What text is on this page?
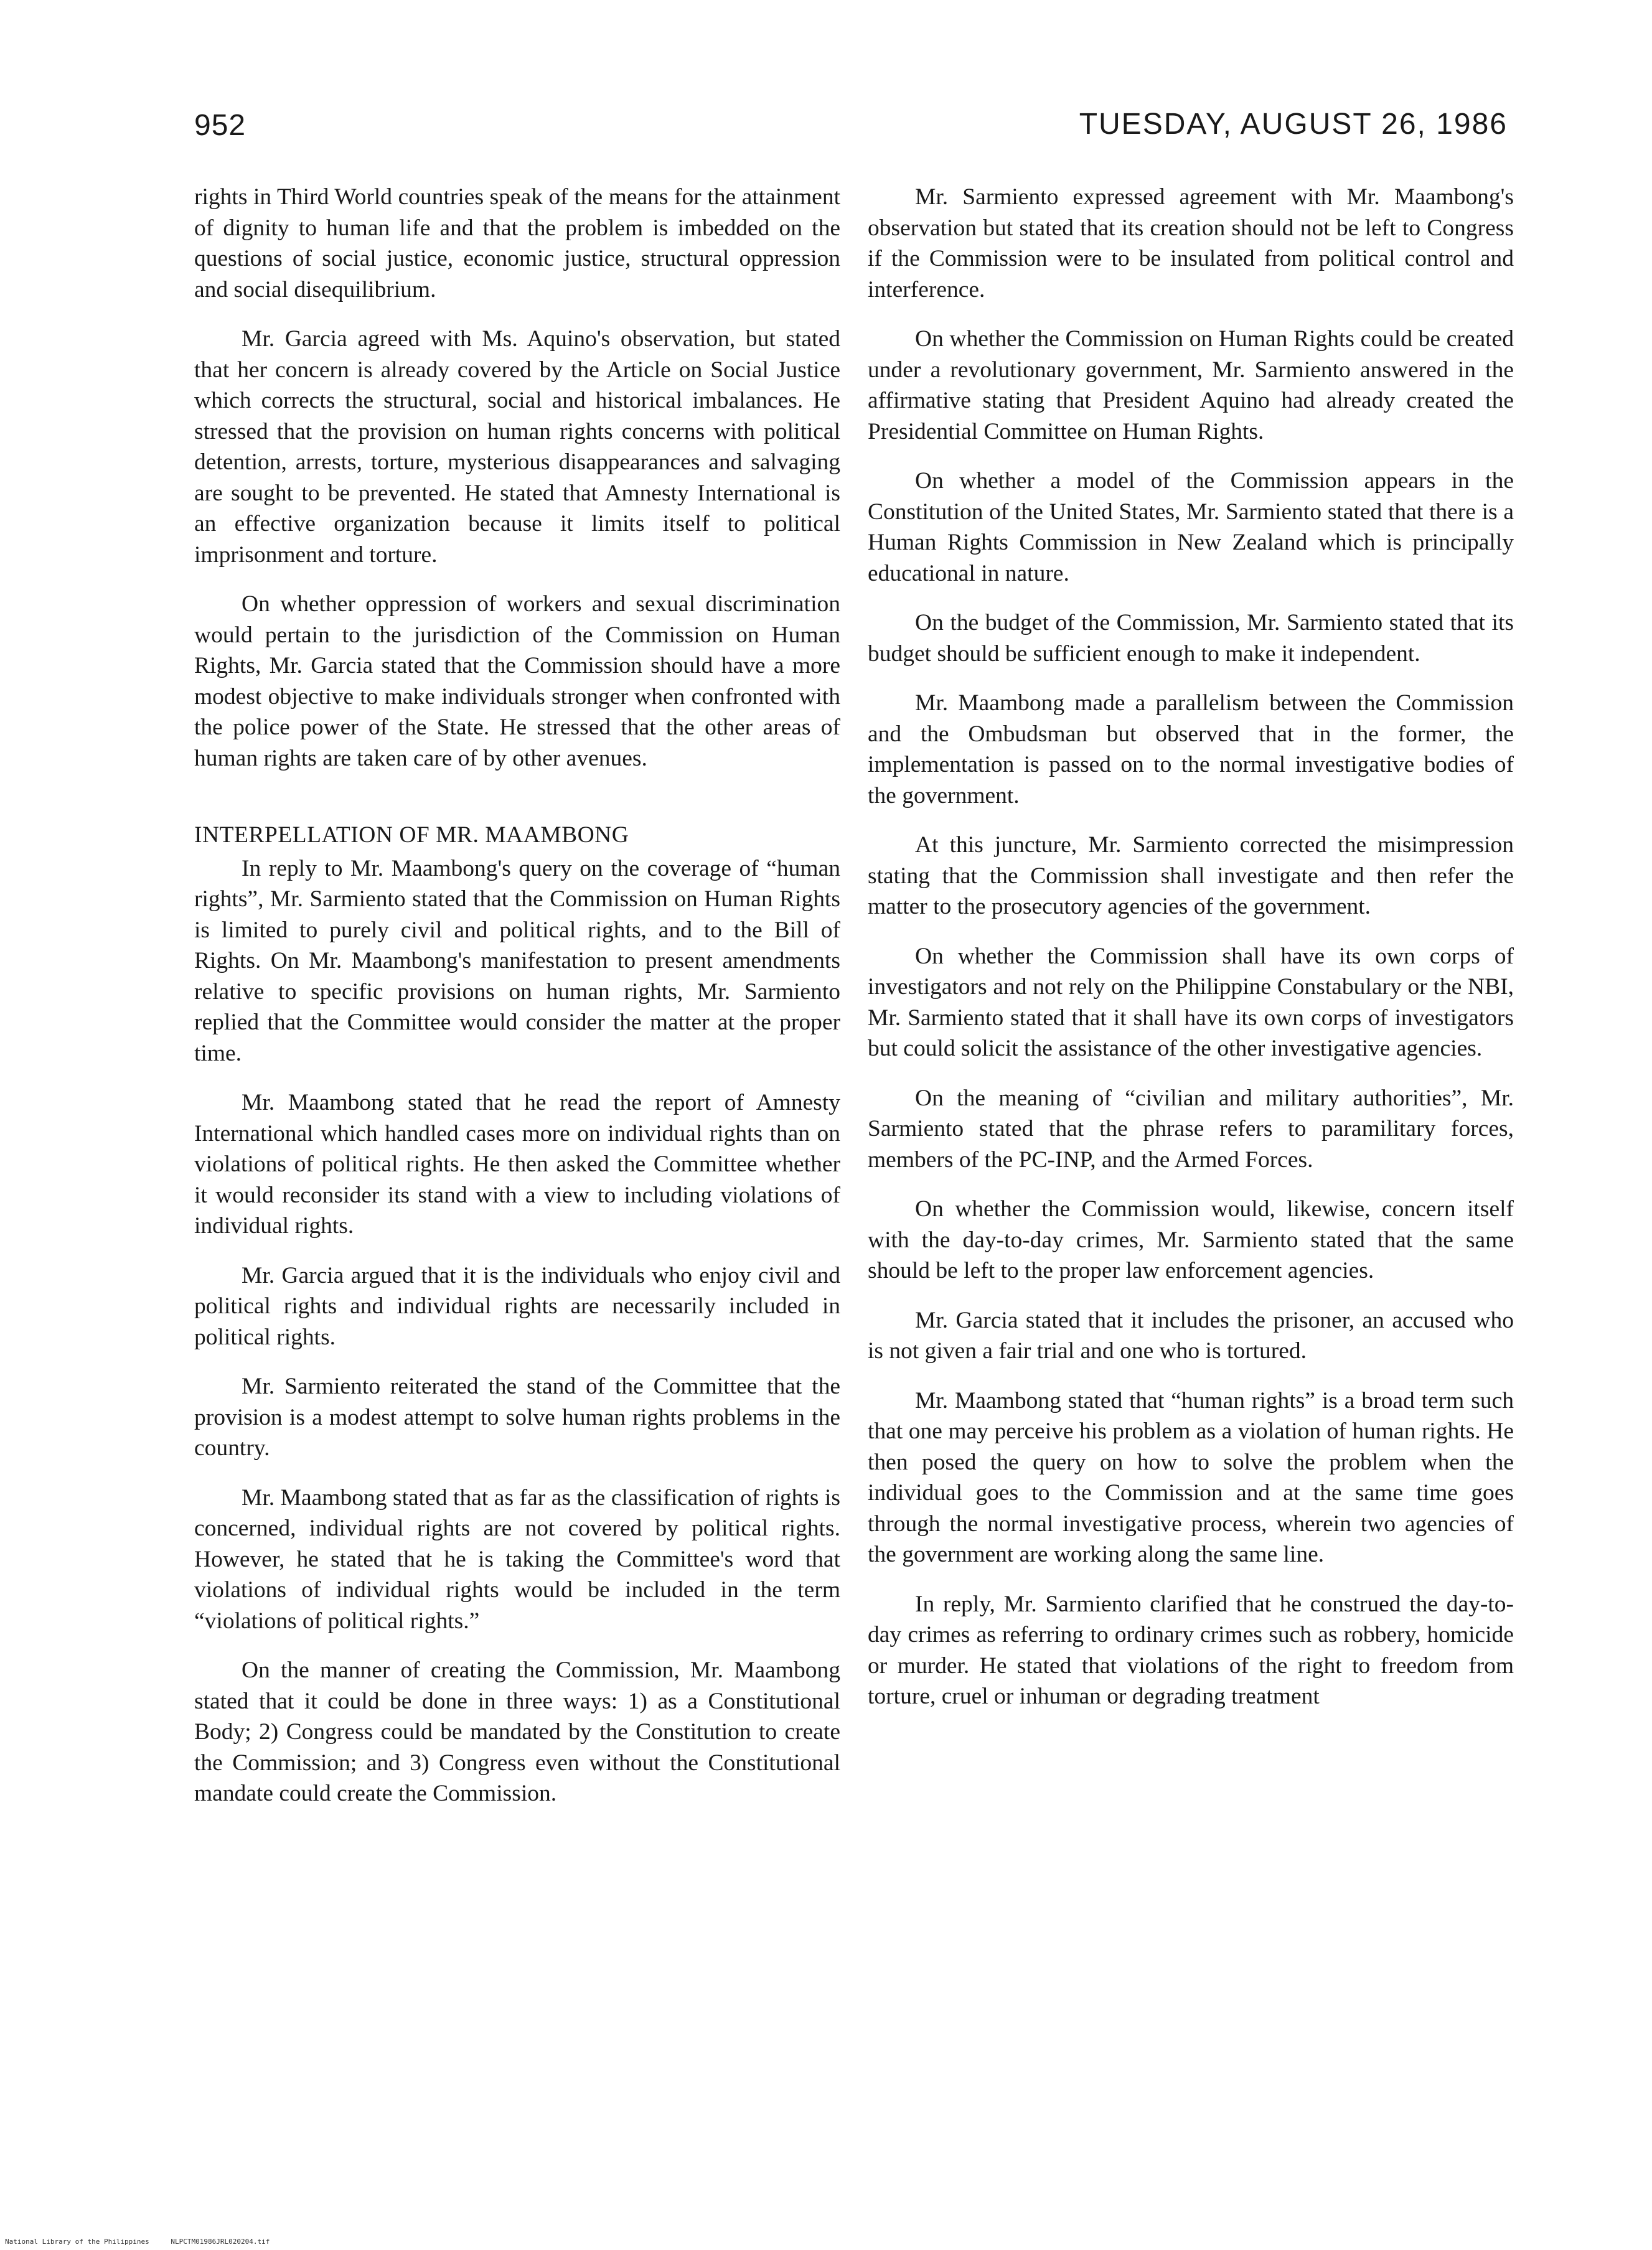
952	TUESDAY, AUGUST 26, 1986

rights in Third World countries speak of the means for the attainment of dignity to human life and that the problem is imbedded on the questions of social justice, economic justice, structural oppression and social disequilibrium.

Mr. Garcia agreed with Ms. Aquino's observation, but stated that her concern is already covered by the Article on Social Justice which corrects the structural, social and historical imbalances. He stressed that the provision on human rights concerns with political detention, arrests, torture, mysterious disappearances and salvaging are sought to be prevented. He stated that Amnesty International is an effective organization because it limits itself to political imprisonment and torture.

On whether oppression of workers and sexual discrimination would pertain to the jurisdiction of the Commission on Human Rights, Mr. Garcia stated that the Commission should have a more modest objective to make individuals stronger when confronted with the police power of the State. He stressed that the other areas of human rights are taken care of by other avenues.

INTERPELLATION OF MR. MAAMBONG

In reply to Mr. Maambong's query on the coverage of “human rights”, Mr. Sarmiento stated that the Commission on Human Rights is limited to purely civil and political rights, and to the Bill of Rights. On Mr. Maambong's manifestation to present amendments relative to specific provisions on human rights, Mr. Sarmiento replied that the Committee would consider the matter at the proper time.

Mr. Maambong stated that he read the report of Amnesty International which handled cases more on individual rights than on violations of political rights. He then asked the Committee whether it would reconsider its stand with a view to including violations of individual rights.

Mr. Garcia argued that it is the individuals who enjoy civil and political rights and individual rights are necessarily included in political rights.

Mr. Sarmiento reiterated the stand of the Committee that the provision is a modest attempt to solve human rights problems in the country.

Mr. Maambong stated that as far as the classification of rights is concerned, individual rights are not covered by political rights. However, he stated that he is taking the Committee's word that violations of individual rights would be included in the term “violations of political rights.”

On the manner of creating the Commission, Mr. Maambong stated that it could be done in three ways: 1) as a Constitutional Body; 2) Congress could be mandated by the Constitution to create the Commission; and 3) Congress even without the Constitutional mandate could create the Commission.

Mr. Sarmiento expressed agreement with Mr. Maambong's observation but stated that its creation should not be left to Congress if the Commission were to be insulated from political control and interference.

On whether the Commission on Human Rights could be created under a revolutionary government, Mr. Sarmiento answered in the affirmative stating that President Aquino had already created the Presidential Committee on Human Rights.

On whether a model of the Commission appears in the Constitution of the United States, Mr. Sarmiento stated that there is a Human Rights Commission in New Zealand which is principally educational in nature.

On the budget of the Commission, Mr. Sarmiento stated that its budget should be sufficient enough to make it independent.

Mr. Maambong made a parallelism between the Commission and the Ombudsman but observed that in the former, the implementation is passed on to the normal investigative bodies of the government.

At this juncture, Mr. Sarmiento corrected the misimpression stating that the Commission shall investigate and then refer the matter to the prosecutory agencies of the government.

On whether the Commission shall have its own corps of investigators and not rely on the Philippine Constabulary or the NBI, Mr. Sarmiento stated that it shall have its own corps of investigators but could solicit the assistance of the other investigative agencies.

On the meaning of “civilian and military authorities”, Mr. Sarmiento stated that the phrase refers to paramilitary forces, members of the PC-INP, and the Armed Forces.

On whether the Commission would, likewise, concern itself with the day-to-day crimes, Mr. Sarmiento stated that the same should be left to the proper law enforcement agencies.

Mr. Garcia stated that it includes the prisoner, an accused who is not given a fair trial and one who is tortured.

Mr. Maambong stated that “human rights” is a broad term such that one may perceive his problem as a violation of human rights. He then posed the query on how to solve the problem when the individual goes to the Commission and at the same time goes through the normal investigative process, wherein two agencies of the government are working along the same line.

In reply, Mr. Sarmiento clarified that he construed the day-to-day crimes as referring to ordinary crimes such as robbery, homicide or murder. He stated that violations of the right to freedom from torture, cruel or inhuman or degrading treatment

National Library of the Philippines	NLPCTM01986JRL020204.tif
